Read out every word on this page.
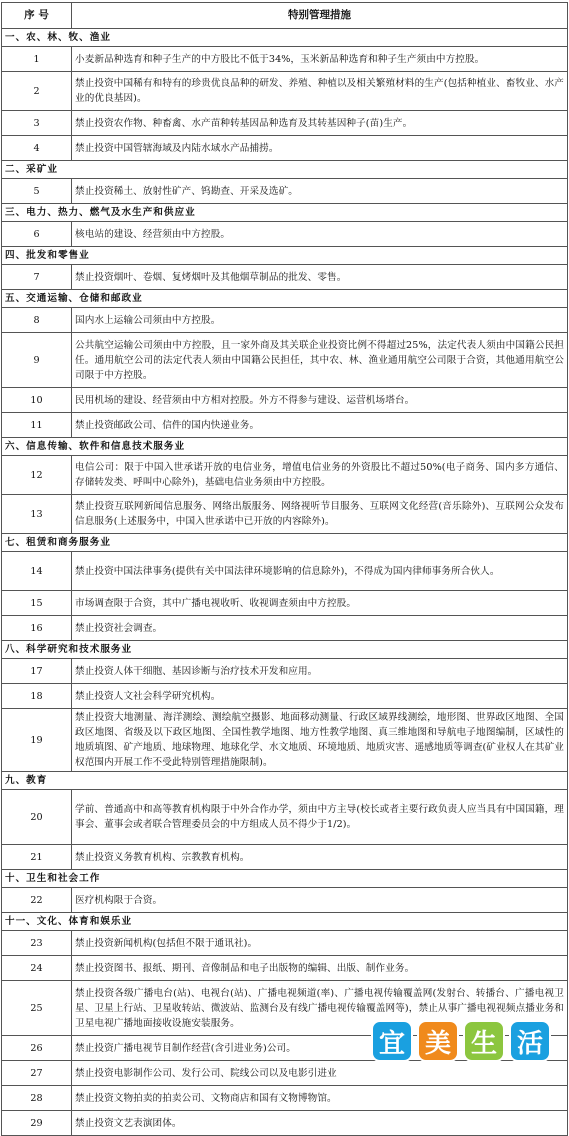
序 号	特别管理措施
一、农、林、牧、渔业	
1	小麦新品种选育和种子生产的中方股比不低于34%，玉米新品种选育和种子生产须由中方控股。
2	禁止投资中国稀有和特有的珍贵优良品种的研发、养殖、种植以及相关繁殖材料的生产(包括种植业、畜牧业、水产业的优良基因)。
3	禁止投资农作物、种畜禽、水产苗种转基因品种选育及其转基因种子(苗)生产。
4	禁止投资中国管辖海域及内陆水域水产品捕捞。
二、采矿业	
5	禁止投资稀土、放射性矿产、钨勘查、开采及选矿。
三、电力、热力、燃气及水生产和供应业	
6	核电站的建设、经营须由中方控股。
四、批发和零售业	
7	禁止投资烟叶、卷烟、复烤烟叶及其他烟草制品的批发、零售。
五、交通运输、仓储和邮政业	
8	国内水上运输公司须由中方控股。
9	公共航空运输公司须由中方控股，且一家外商及其关联企业投资比例不得超过25%，法定代表人须由中国籍公民担任。通用航空公司的法定代表人须由中国籍公民担任，其中农、林、渔业通用航空公司限于合资，其他通用航空公司限于中方控股。
10	民用机场的建设、经营须由中方相对控股。外方不得参与建设、运营机场塔台。
11	禁止投资邮政公司、信件的国内快递业务。
六、信息传输、软件和信息技术服务业	
12	电信公司：限于中国入世承诺开放的电信业务，增值电信业务的外资股比不超过50%(电子商务、国内多方通信、存储转发类、呼叫中心除外)，基础电信业务须由中方控股。
13	禁止投资互联网新闻信息服务、网络出版服务、网络视听节目服务、互联网文化经营(音乐除外)、互联网公众发布信息服务(上述服务中，中国入世承诺中已开放的内容除外)。
七、租赁和商务服务业	
14	禁止投资中国法律事务(提供有关中国法律环境影响的信息除外)，不得成为国内律师事务所合伙人。
15	市场调查限于合资，其中广播电视收听、收视调查须由中方控股。
16	禁止投资社会调查。
八、科学研究和技术服务业	
17	禁止投资人体干细胞、基因诊断与治疗技术开发和应用。
18	禁止投资人文社会科学研究机构。
19	禁止投资大地测量、海洋测绘、测绘航空摄影、地面移动测量、行政区域界线测绘，地形图、世界政区地图、全国政区地图、省级及以下政区地图、全国性教学地图、地方性教学地图、真三维地图和导航电子地图编制，区域性的地质填图、矿产地质、地球物理、地球化学、水文地质、环境地质、地质灾害、遥感地质等调查(矿业权人在其矿业权范围内开展工作不受此特别管理措施限制)。
九、教育	
20	学前、普通高中和高等教育机构限于中外合作办学，须由中方主导(校长或者主要行政负责人应当具有中国国籍，理事会、董事会或者联合管理委员会的中方组成人员不得少于1/2)。
21	禁止投资义务教育机构、宗教教育机构。
十、卫生和社会工作	
22	医疗机构限于合资。
十一、文化、体育和娱乐业	
23	禁止投资新闻机构(包括但不限于通讯社)。
24	禁止投资图书、报纸、期刊、音像制品和电子出版物的编辑、出版、制作业务。
25	禁止投资各级广播电台(站)、电视台(站)、广播电视频道(率)、广播电视传输覆盖网(发射台、转播台、广播电视卫星、卫星上行站、卫星收转站、微波站、监测台及有线广播电视传输覆盖网等)，禁止从事广播电视视频点播业务和卫星电视广播地面接收设施安装服务。
26	禁止投资广播电视节目制作经营(含引进业务)公司。
27	禁止投资电影制作公司、发行公司、院线公司以及电影引进业
28	禁止投资文物拍卖的拍卖公司、文物商店和国有文物博物馆。
29	禁止投资文艺表演团体。
宜 美 生 活
